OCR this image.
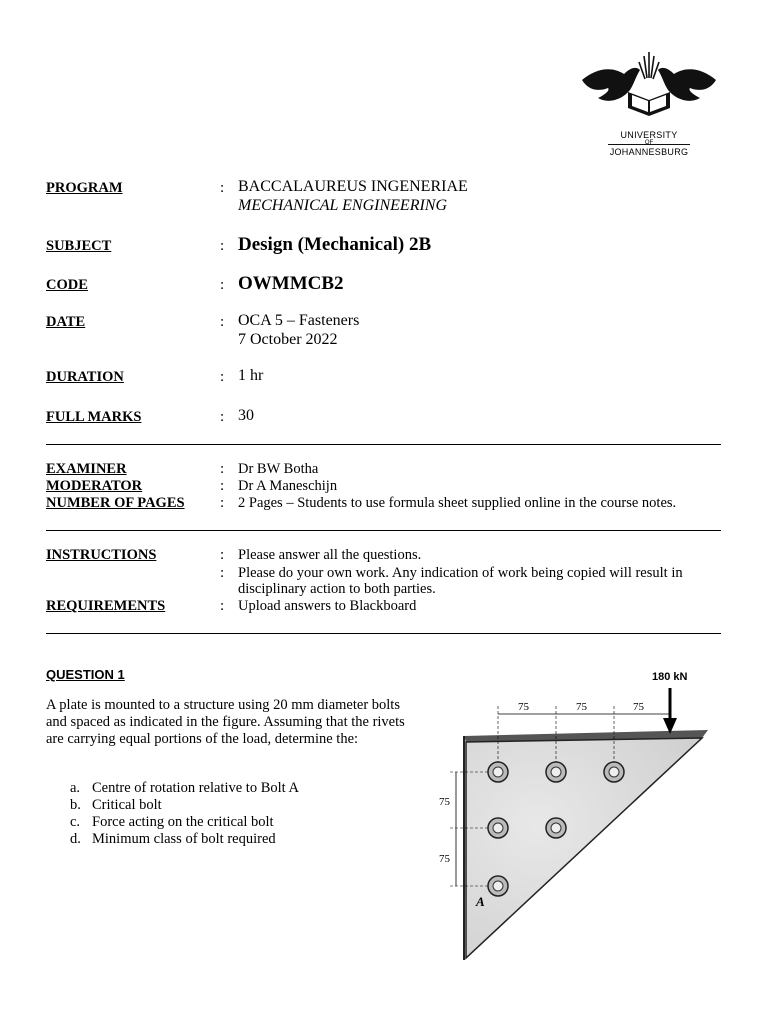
UNIVERSITY
OF
JOHANNESBURG
PROGRAM	: BACCALAUREUS INGENERIAE
MECHANICAL ENGINEERING
SUBJECT	: Design (Mechanical) 2B
CODE	: OWMMCB2
DATE	: OCA 5 – Fasteners
7 October 2022
DURATION	: 1 hr
FULL MARKS	: 30
EXAMINER	: Dr BW Botha
MODERATOR	: Dr A Maneschijn
NUMBER OF PAGES : 2 Pages – Students to use formula sheet supplied online in the course notes.
INSTRUCTIONS	: Please answer all the questions.
: Please do your own work. Any indication of work being copied will result in
disciplinary action to both parties.
REQUIREMENTS	: Upload answers to Blackboard
QUESTION 1
A plate is mounted to a structure using 20 mm diameter bolts and spaced as indicated in the figure. Assuming that the rivets are carrying equal portions of the load, determine the:
a. Centre of rotation relative to Bolt A
b. Critical bolt
c. Force acting on the critical bolt
d. Minimum class of bolt required
180 kN
75	75	75
75
75
A
